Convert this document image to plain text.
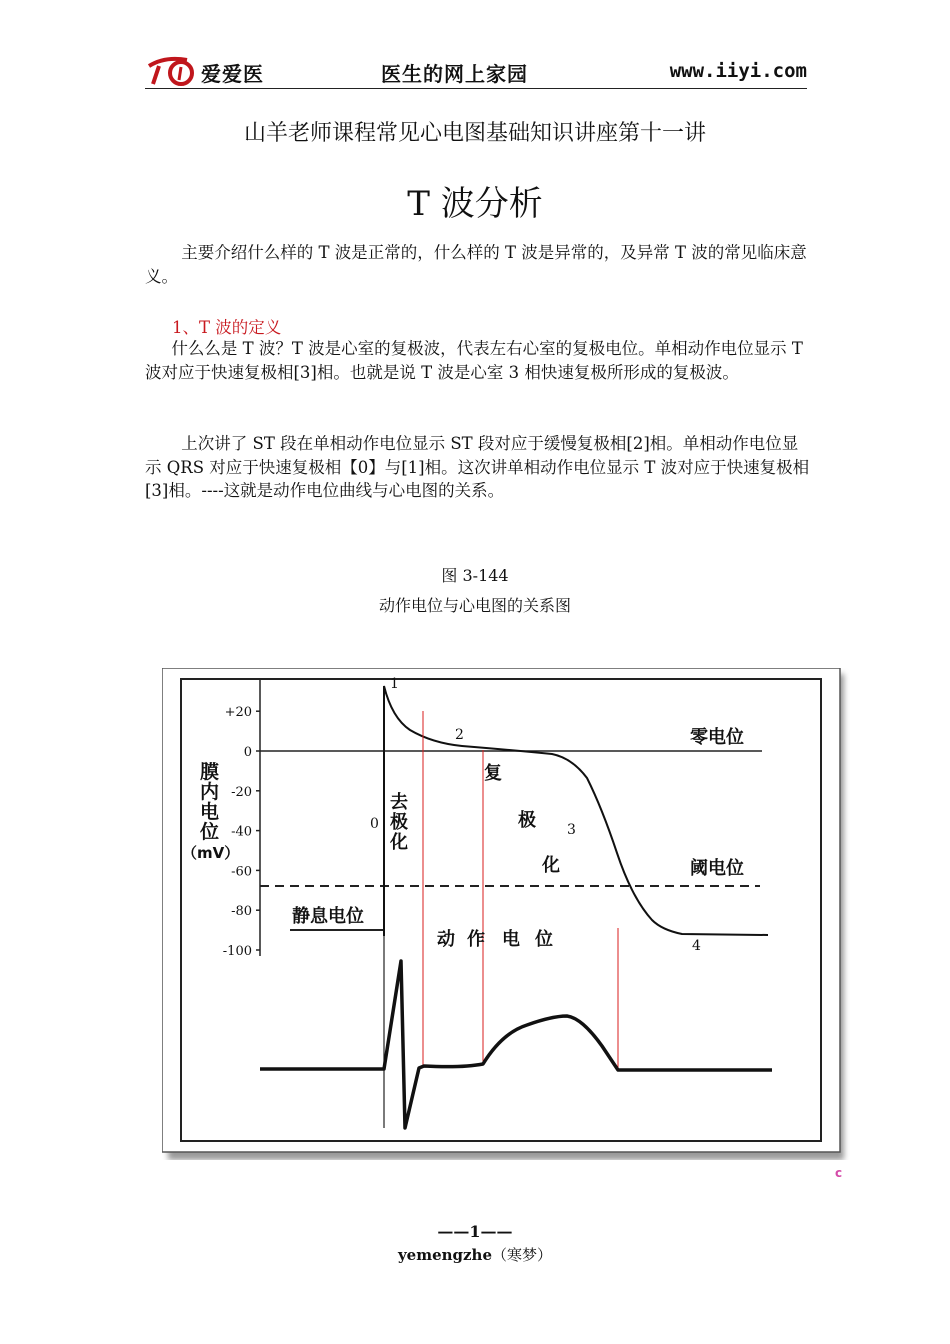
爱爱医	医生的网上家园	www.iiyi.com
山羊老师课程常见心电图基础知识讲座第十一讲
T 波分析

主要介绍什么样的 T 波是正常的，什么样的 T 波是异常的，及异常 T 波的常见临床意义。

1、T 波的定义

什么么是 T 波？T 波是心室的复极波，代表左右心室的复极电位。单相动作电位显示 T 波对应于快速复极相[3]相。也就是说 T 波是心室 3 相快速复极所形成的复极波。

上次讲了 ST 段在单相动作电位显示 ST 段对应于缓慢复极相[2]相。单相动作电位显示 QRS 对应于快速复极相【0】与[1]相。这次讲单相动作电位显示 T 波对应于快速复极相[3]相。----这就是动作电位曲线与心电图的关系。

图 3-144
动作电位与心电图的关系图
+20
0
-20
-40
-60
-80
-100
膜
内
电
位
（mV）
1
2
0	3
4
零电位
阈电位
静息电位
去
极
化
复
极
化
动 作 电 位
c
——1——
yemengzhe（寒梦）
